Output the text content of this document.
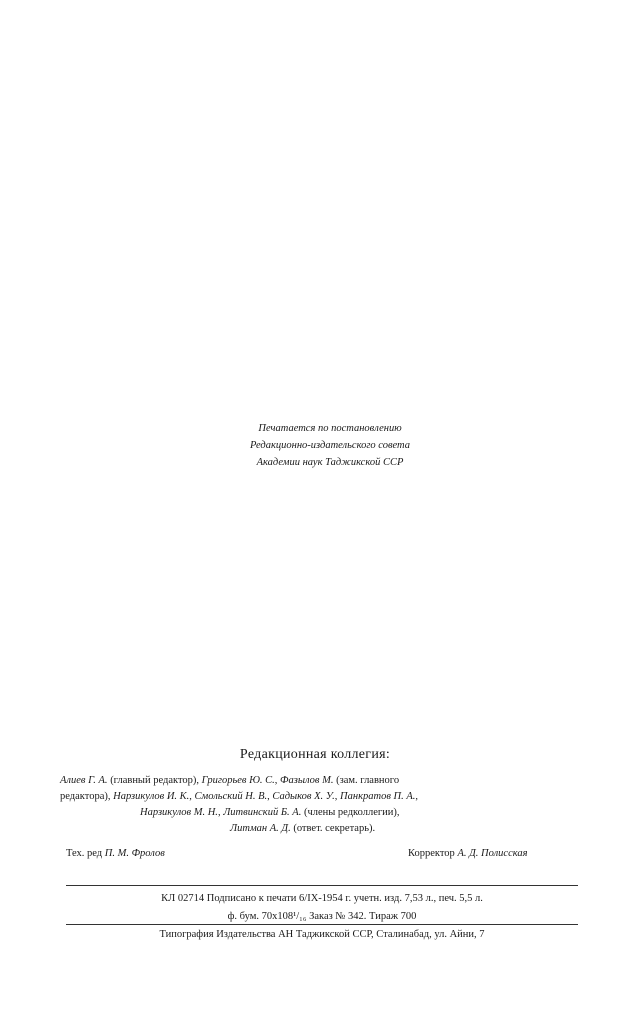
Печатается по постановлению
Редакционно-издательского совета
Академии наук Таджикской ССР
Редакционная коллегия:
Алиев Г. А. (главный редактор), Григорьев Ю. С., Фазылов М. (зам. главного
редактора), Нарзикулов И. К., Смольский Н. В., Садыков Х. У., Панкратов П. А.,
Нарзикулов М. Н., Литвинский Б. А. (члены редколлегии),
Литман А. Д. (ответ. секретарь).
Тех. ред П. М. Фролов	Корректор А. Д. Полисская
КЛ 02714 Подписано к печати 6/IX-1954 г. учетн. изд. 7,53 л., печ. 5,5 л.
ф. бум. 70x108¹/₁₆ Заказ № 342. Тираж 700
Типография Издательства АН Таджикской ССР, Сталинабад, ул. Айни, 7
